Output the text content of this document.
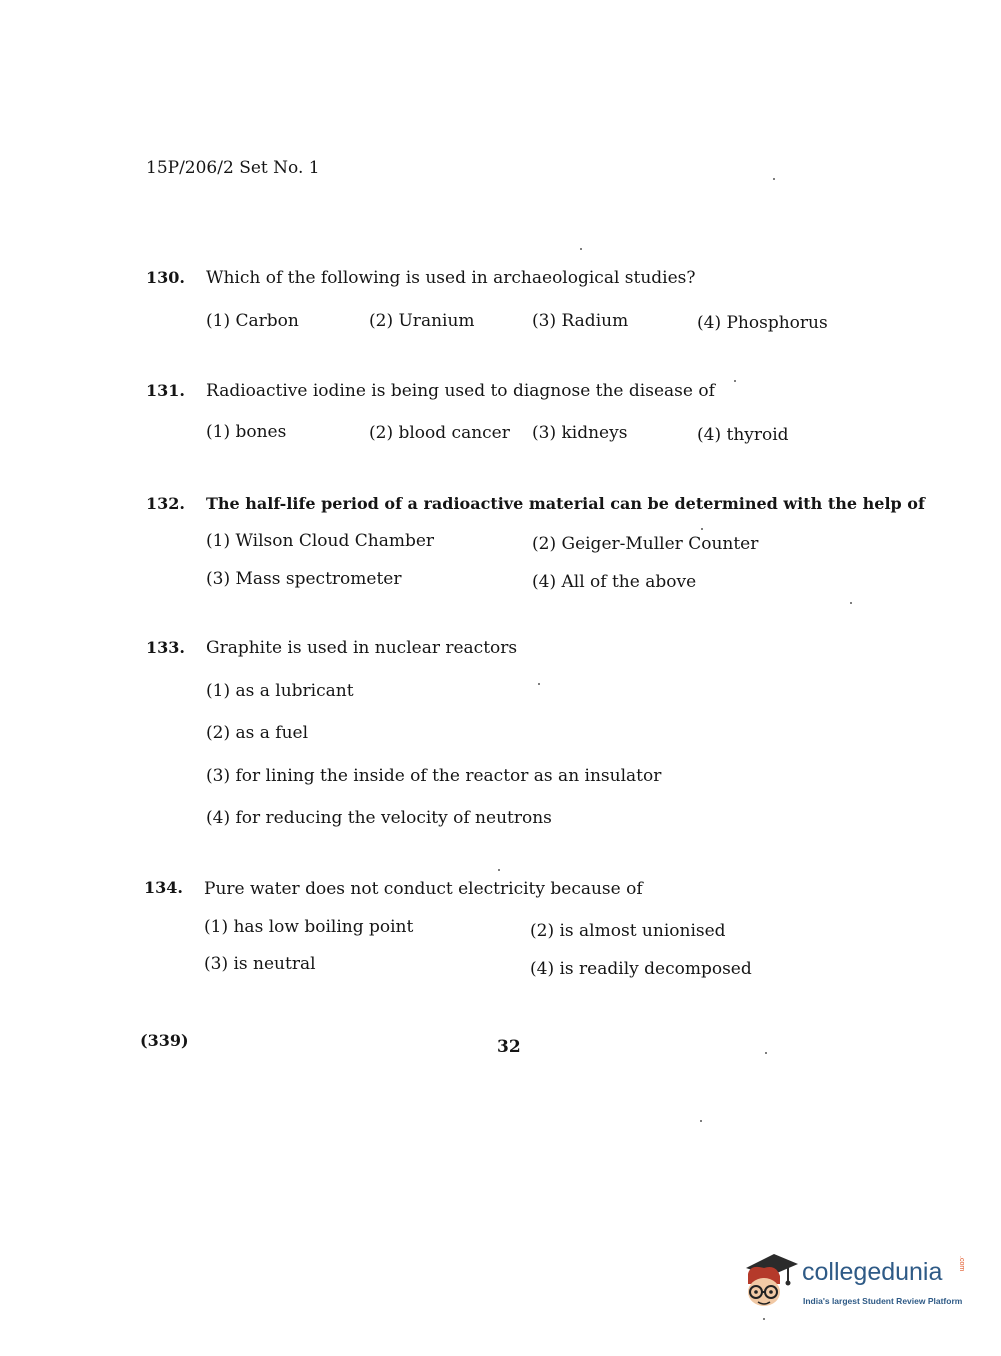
15P/206/2 Set No. 1
130. Which of the following is used in archaeological studies?
(1) Carbon	(2) Uranium	(3) Radium	(4) Phosphorus
131. Radioactive iodine is being used to diagnose the disease of
(1) bones	(2) blood cancer (3) kidneys	(4) thyroid
132. The half-life period of a radioactive material can be determined with the help of
(1) Wilson Cloud Chamber	(2) Geiger-Muller Counter
(3) Mass spectrometer	(4) All of the above
133. Graphite is used in nuclear reactors
(1) as a lubricant
(2) as a fuel
(3) for lining the inside of the reactor as an insulator
(4) for reducing the velocity of neutrons
134. Pure water does not conduct electricity because of
(1) has low boiling point	(2) is almost unionised
(3) is neutral	(4) is readily decomposed
(339)	32
collegedunia .com
India's largest Student Review Platform
